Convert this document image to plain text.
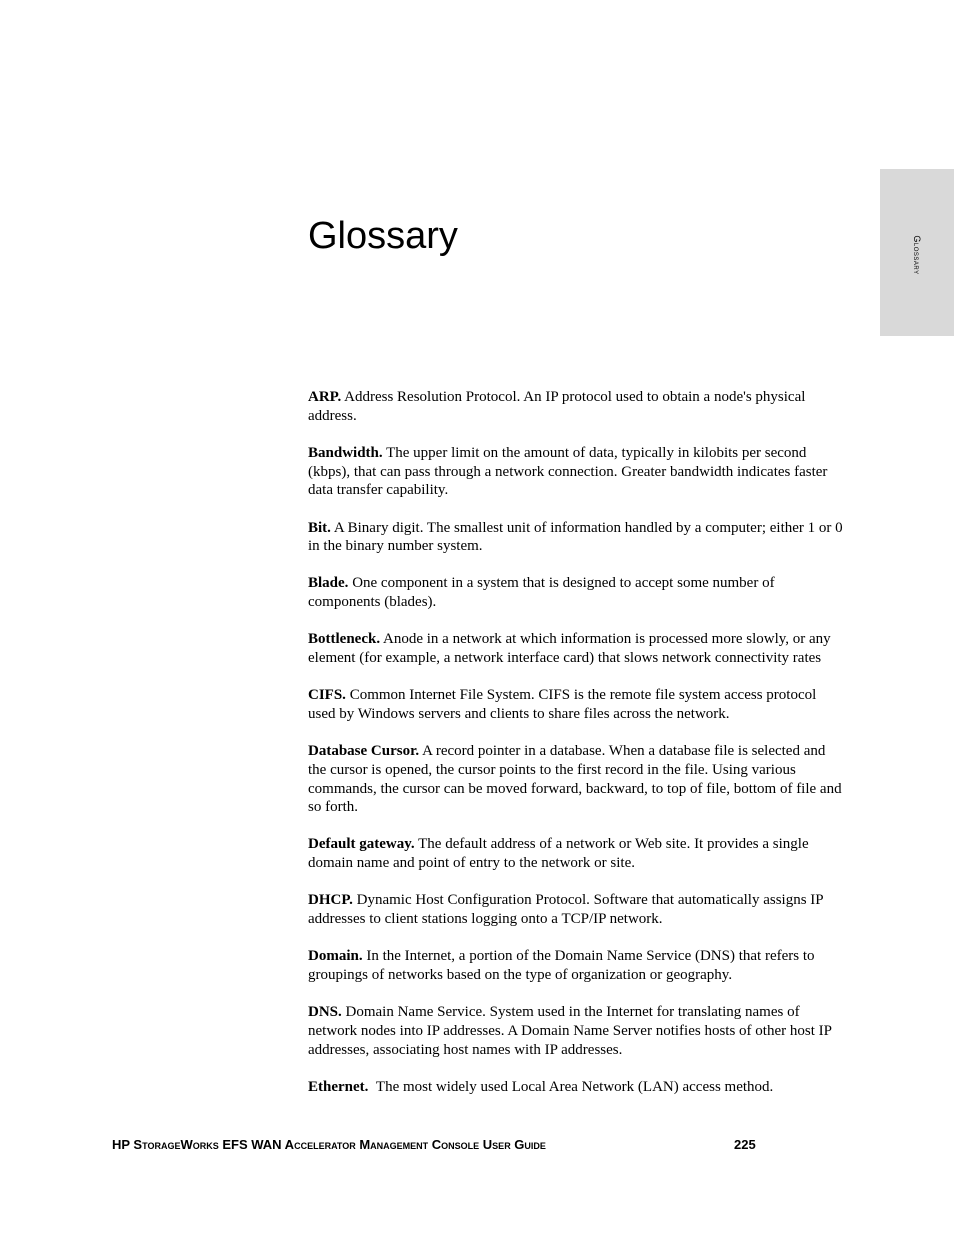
Glossary
Glossary

ARP. Address Resolution Protocol. An IP protocol used to obtain a node's physical address.

Bandwidth. The upper limit on the amount of data, typically in kilobits per second (kbps), that can pass through a network connection. Greater bandwidth indicates faster data transfer capability.

Bit. A Binary digit. The smallest unit of information handled by a computer; either 1 or 0 in the binary number system.

Blade. One component in a system that is designed to accept some number of components (blades).

Bottleneck. Anode in a network at which information is processed more slowly, or any element (for example, a network interface card) that slows network connectivity rates

CIFS. Common Internet File System. CIFS is the remote file system access protocol used by Windows servers and clients to share files across the network.

Database Cursor. A record pointer in a database. When a database file is selected and the cursor is opened, the cursor points to the first record in the file. Using various commands, the cursor can be moved forward, backward, to top of file, bottom of file and so forth.

Default gateway. The default address of a network or Web site. It provides a single domain name and point of entry to the network or site.

DHCP. Dynamic Host Configuration Protocol. Software that automatically assigns IP addresses to client stations logging onto a TCP/IP network.

Domain. In the Internet, a portion of the Domain Name Service (DNS) that refers to groupings of networks based on the type of organization or geography.

DNS. Domain Name Service. System used in the Internet for translating names of network nodes into IP addresses. A Domain Name Server notifies hosts of other host IP addresses, associating host names with IP addresses.

Ethernet. The most widely used Local Area Network (LAN) access method.

HP StorageWorks EFS WAN Accelerator Management Console User Guide	225
